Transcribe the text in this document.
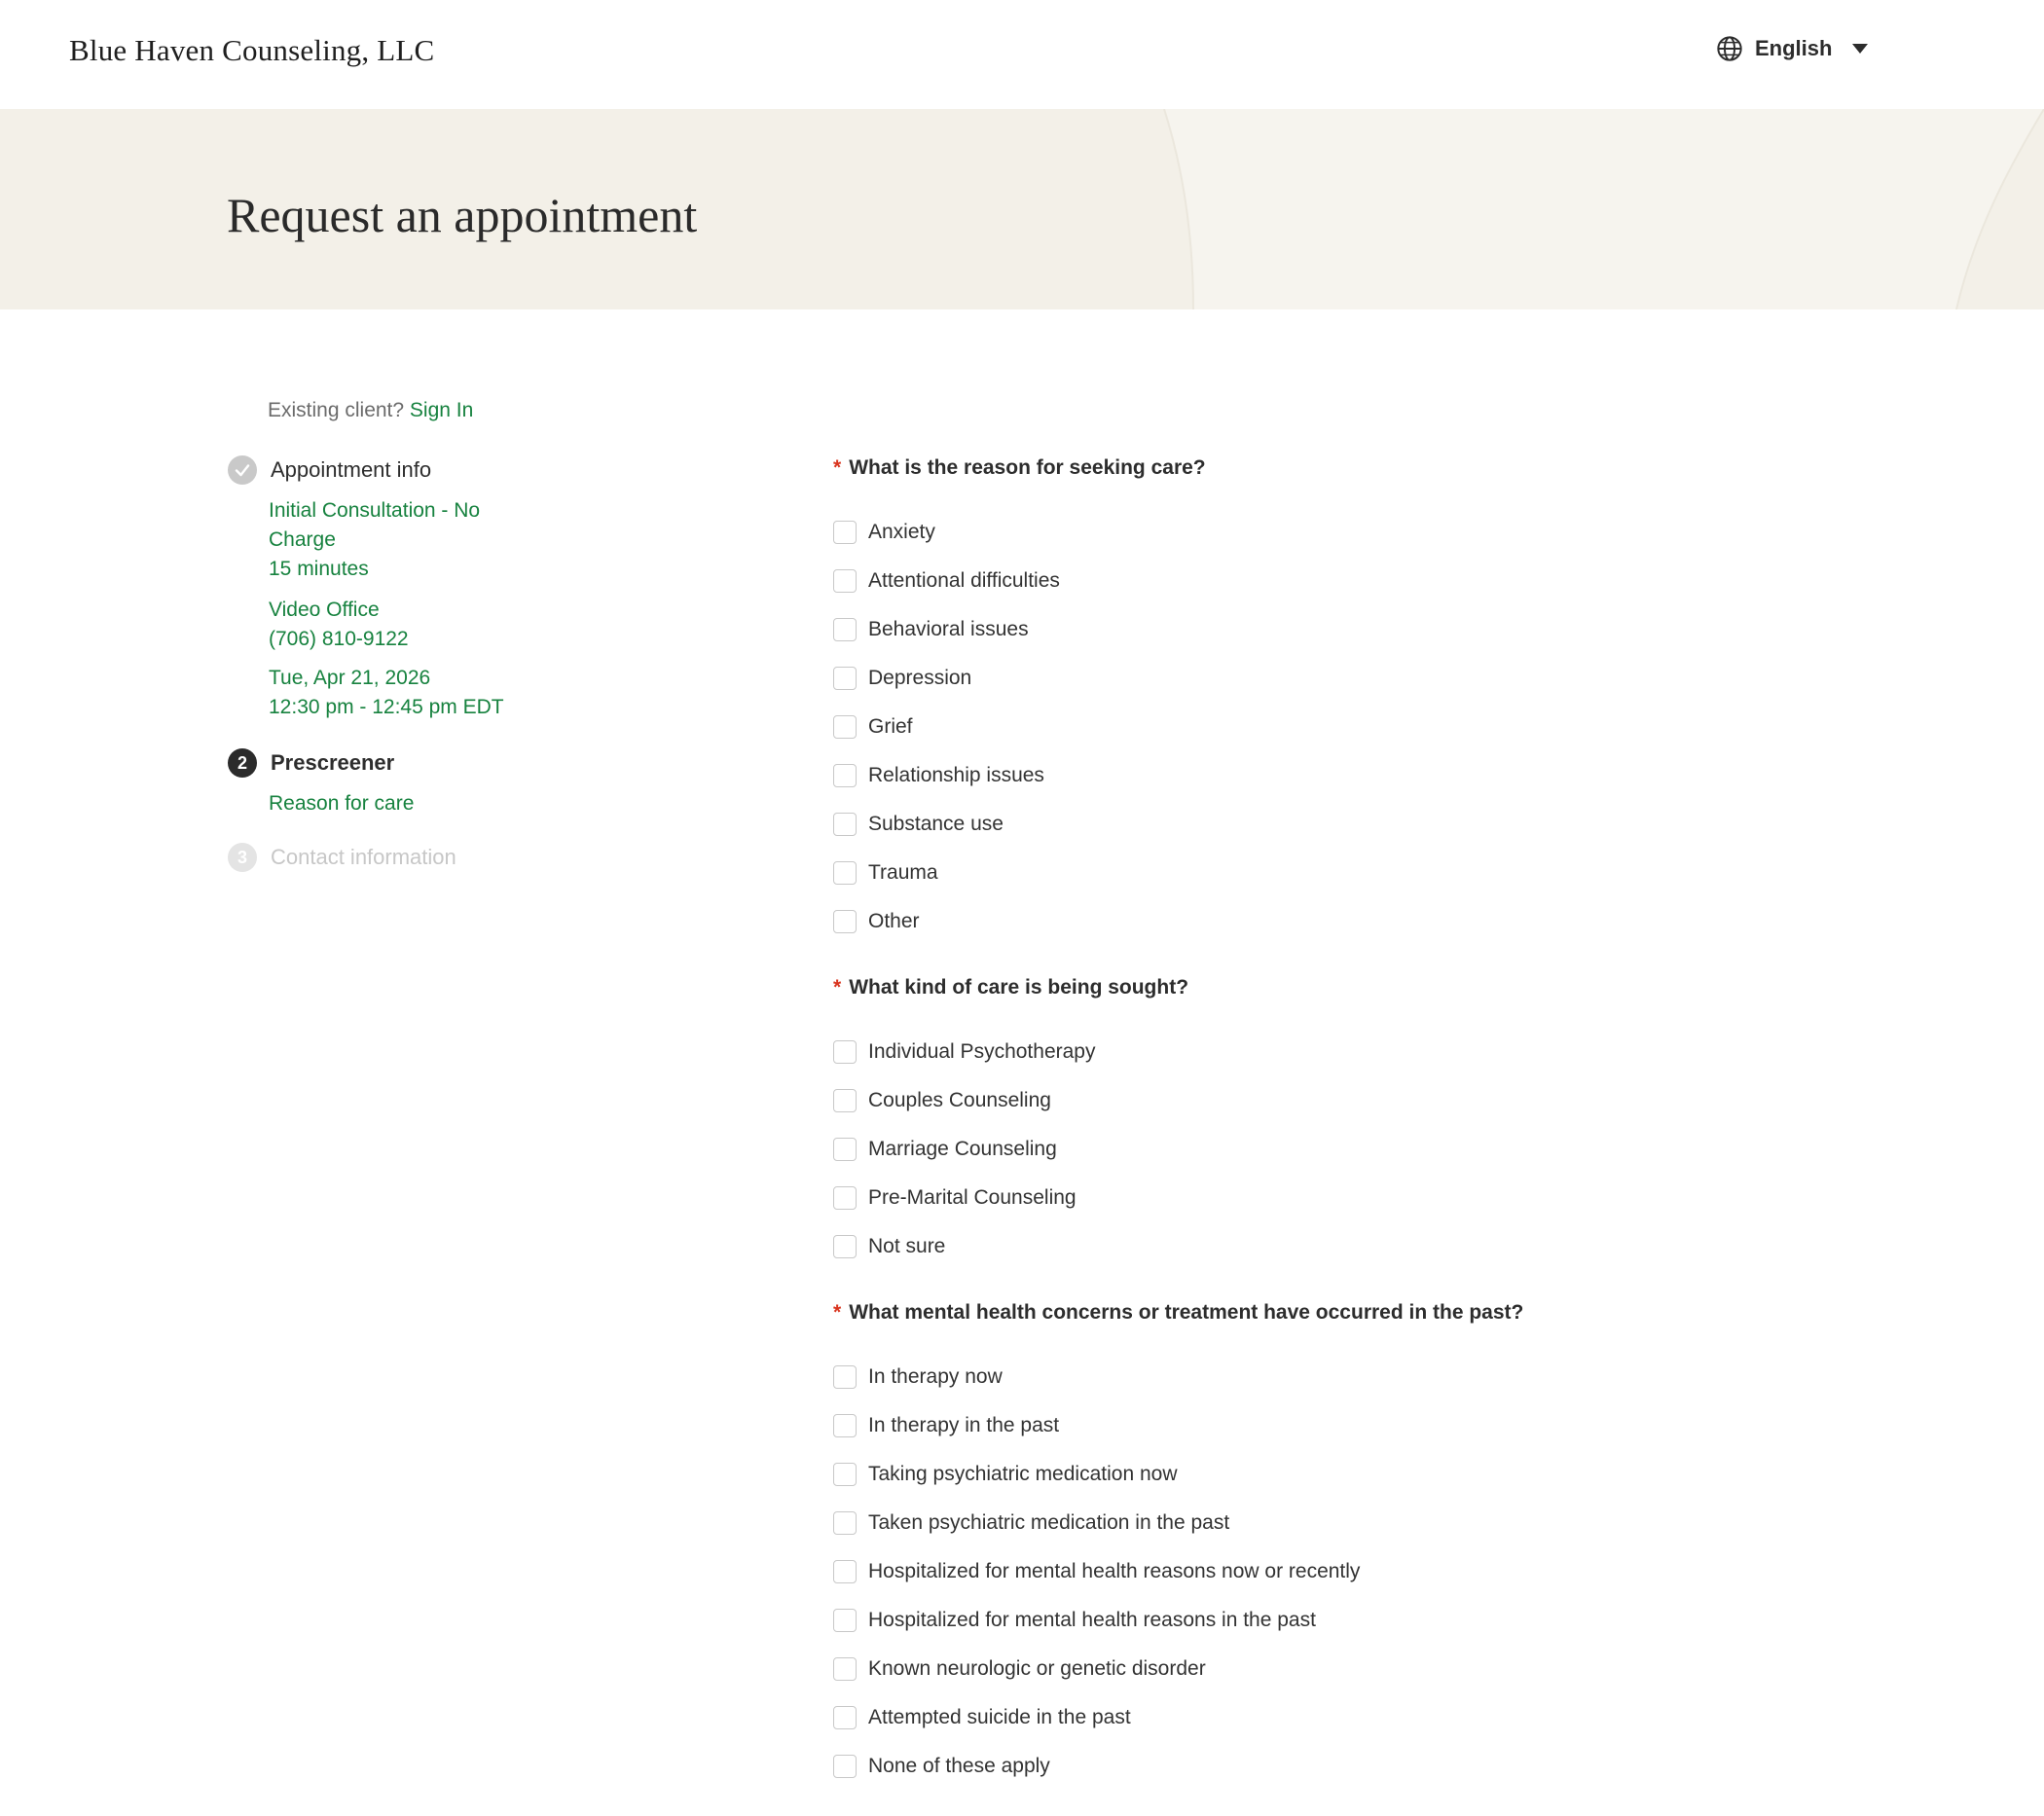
Blue Haven Counseling, LLC	English
Request an appointment
Existing client? Sign In
Appointment info
Initial Consultation - No
Charge
15 minutes
Video Office
(706) 810-9122
Tue, Apr 21, 2026
12:30 pm - 12:45 pm EDT
2	Prescreener
Reason for care
3	Contact information
* What is the reason for seeking care?
Anxiety
Attentional difficulties
Behavioral issues
Depression
Grief
Relationship issues
Substance use
Trauma
Other
* What kind of care is being sought?
Individual Psychotherapy
Couples Counseling
Marriage Counseling
Pre-Marital Counseling
Not sure
* What mental health concerns or treatment have occurred in the past?
In therapy now
In therapy in the past
Taking psychiatric medication now
Taken psychiatric medication in the past
Hospitalized for mental health reasons now or recently
Hospitalized for mental health reasons in the past
Known neurologic or genetic disorder
Attempted suicide in the past
None of these apply
